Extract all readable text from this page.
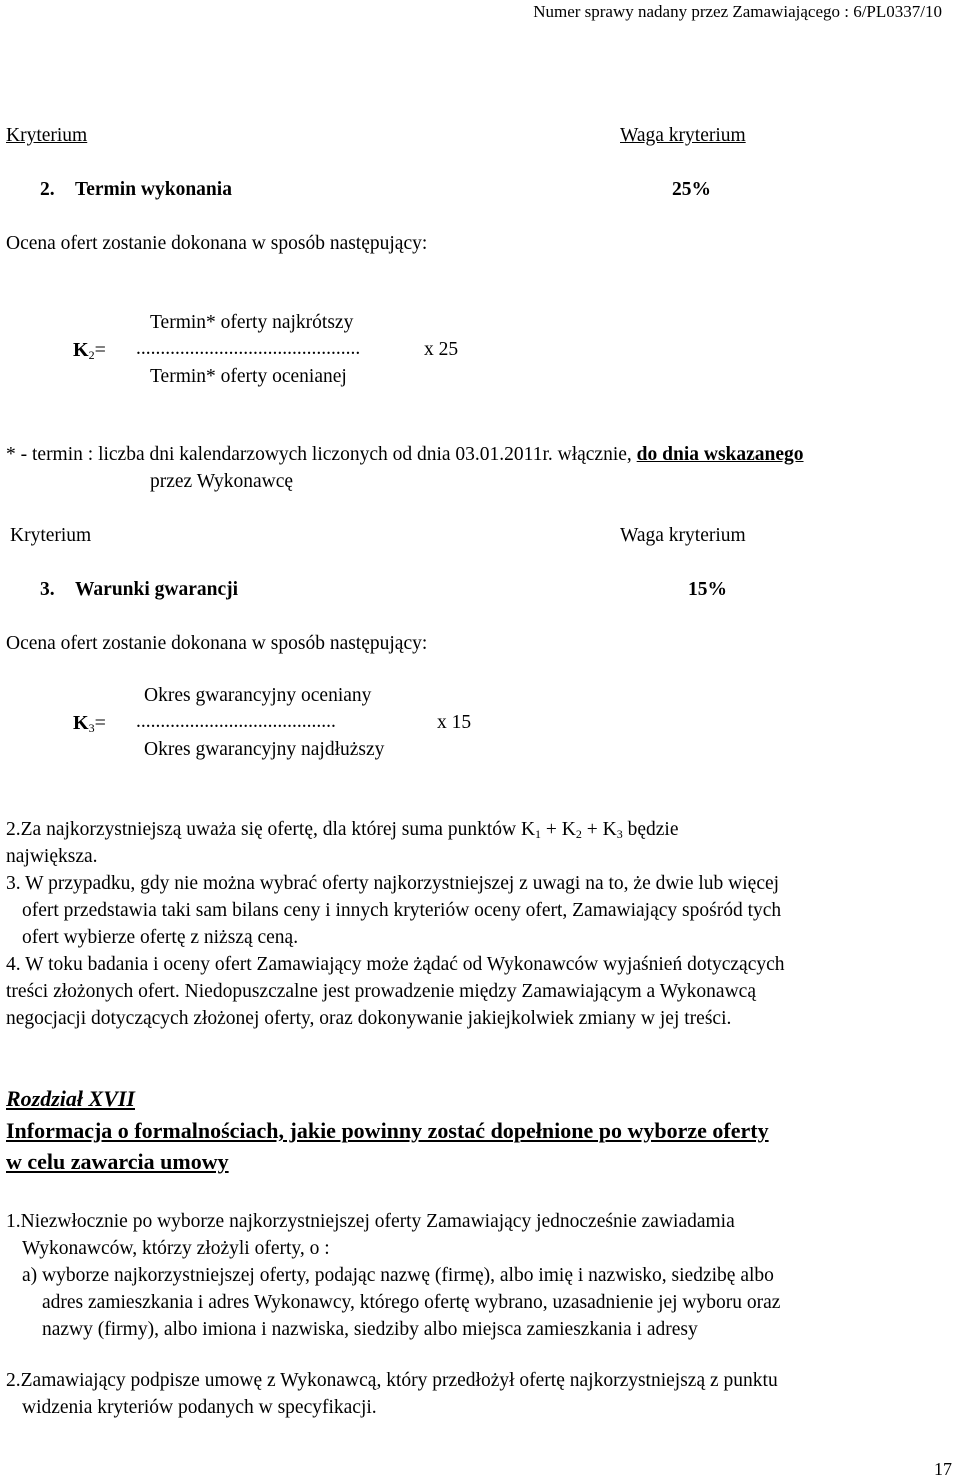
Numer sprawy nadany przez Zamawiającego : 6/PL0337/10
Kryterium	Waga kryterium
2. Termin wykonania	25%
Ocena ofert zostanie dokonana w sposób następujący:
Termin* oferty najkrótszy
$K_2=$ ..............................................	x 25
Termin* oferty ocenianej
* - termin : liczba dni kalendarzowych liczonych od dnia 03.01.2011r. włącznie, do dnia wskazanego
przez Wykonawcę
Kryterium	Waga kryterium
3. Warunki gwarancji	15%
Ocena ofert zostanie dokonana w sposób następujący:
Okres gwarancyjny oceniany
$K_3=$ .........................................	x 15
Okres gwarancyjny najdłuższy
2.Za najkorzystniejszą uważa się ofertę, dla której suma punktów $K_1 + K_2 + K_3$ będzie
największa.
3. W przypadku, gdy nie można wybrać oferty najkorzystniejszej z uwagi na to, że dwie lub więcej
ofert przedstawia taki sam bilans ceny i innych kryteriów oceny ofert, Zamawiający spośród tych
ofert wybierze ofertę z niższą ceną.
4. W toku badania i oceny ofert Zamawiający może żądać od Wykonawców wyjaśnień dotyczących
treści złożonych ofert. Niedopuszczalne jest prowadzenie między Zamawiającym a Wykonawcą
negocjacji dotyczących złożonej oferty, oraz dokonywanie jakiejkolwiek zmiany w jej treści.
Rozdział XVII
Informacja o formalnościach, jakie powinny zostać dopełnione po wyborze oferty
w celu zawarcia umowy
1.Niezwłocznie po wyborze najkorzystniejszej oferty Zamawiający jednocześnie zawiadamia
Wykonawców, którzy złożyli oferty, o :
a) wyborze najkorzystniejszej oferty, podając nazwę (firmę), albo imię i nazwisko, siedzibę albo
adres zamieszkania i adres Wykonawcy, którego ofertę wybrano, uzasadnienie jej wyboru oraz
nazwy (firmy), albo imiona i nazwiska, siedziby albo miejsca zamieszkania i adresy
2.Zamawiający podpisze umowę z Wykonawcą, który przedłożył ofertę najkorzystniejszą z punktu
widzenia kryteriów podanych w specyfikacji.
17
